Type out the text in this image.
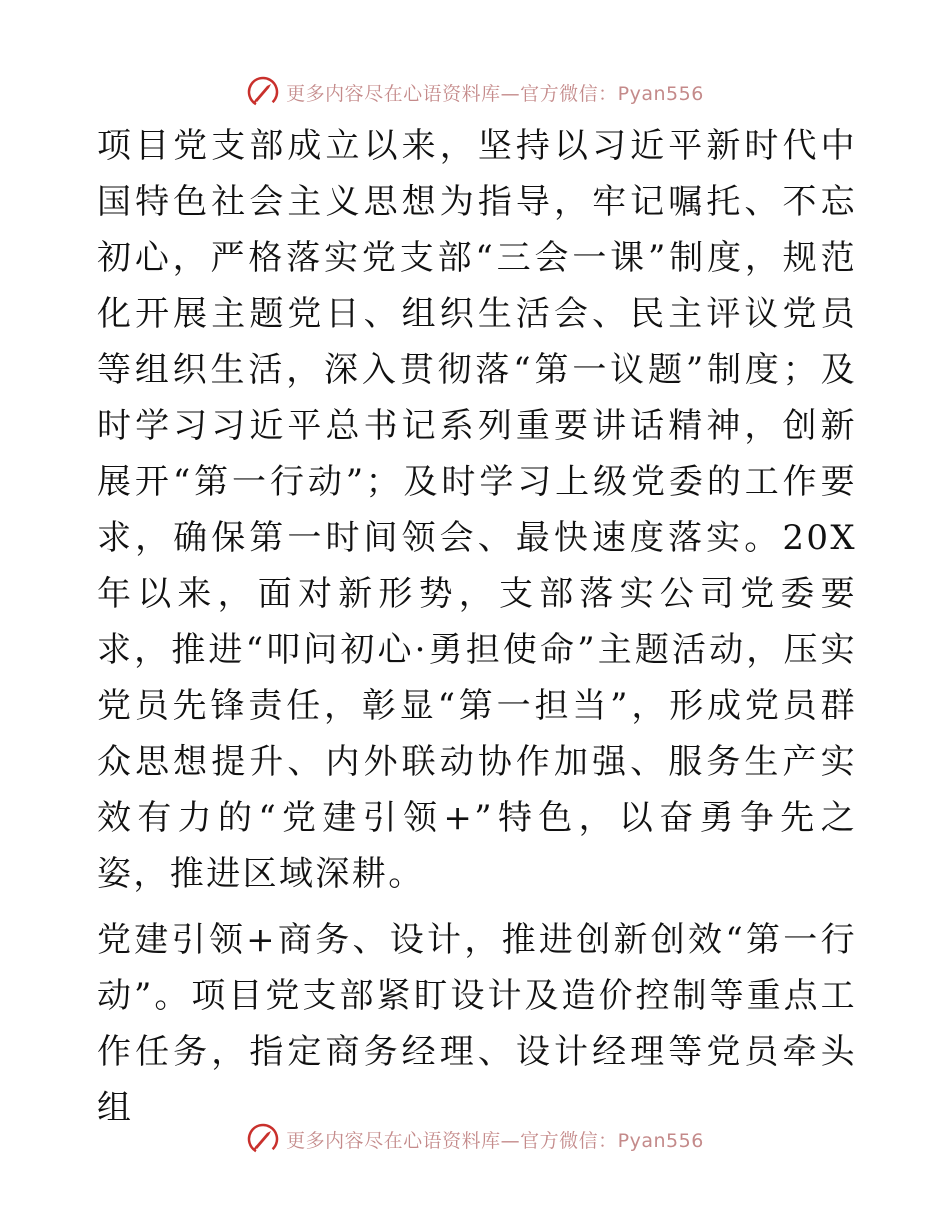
更多内容尽在心语资料库—官方微信：Pyan556

项目党支部成立以来，坚持以习近平新时代中国特色社会主义思想为指导，牢记嘱托、不忘初心，严格落实党支部“三会一课”制度，规范化开展主题党日、组织生活会、民主评议党员等组织生活，深入贯彻落“第一议题”制度；及时学习习近平总书记系列重要讲话精神，创新展开“第一行动”；及时学习上级党委的工作要求，确保第一时间领会、最快速度落实。20X年以来，面对新形势，支部落实公司党委要求，推进“叩问初心·勇担使命”主题活动，压实党员先锋责任，彰显“第一担当”，形成党员群众思想提升、内外联动协作加强、服务生产实效有力的“党建引领+”特色，以奋勇争先之姿，推进区域深耕。

党建引领+商务、设计，推进创新创效“第一行动”。项目党支部紧盯设计及造价控制等重点工作任务，指定商务经理、设计经理等党员牵头组

更多内容尽在心语资料库—官方微信：Pyan556
